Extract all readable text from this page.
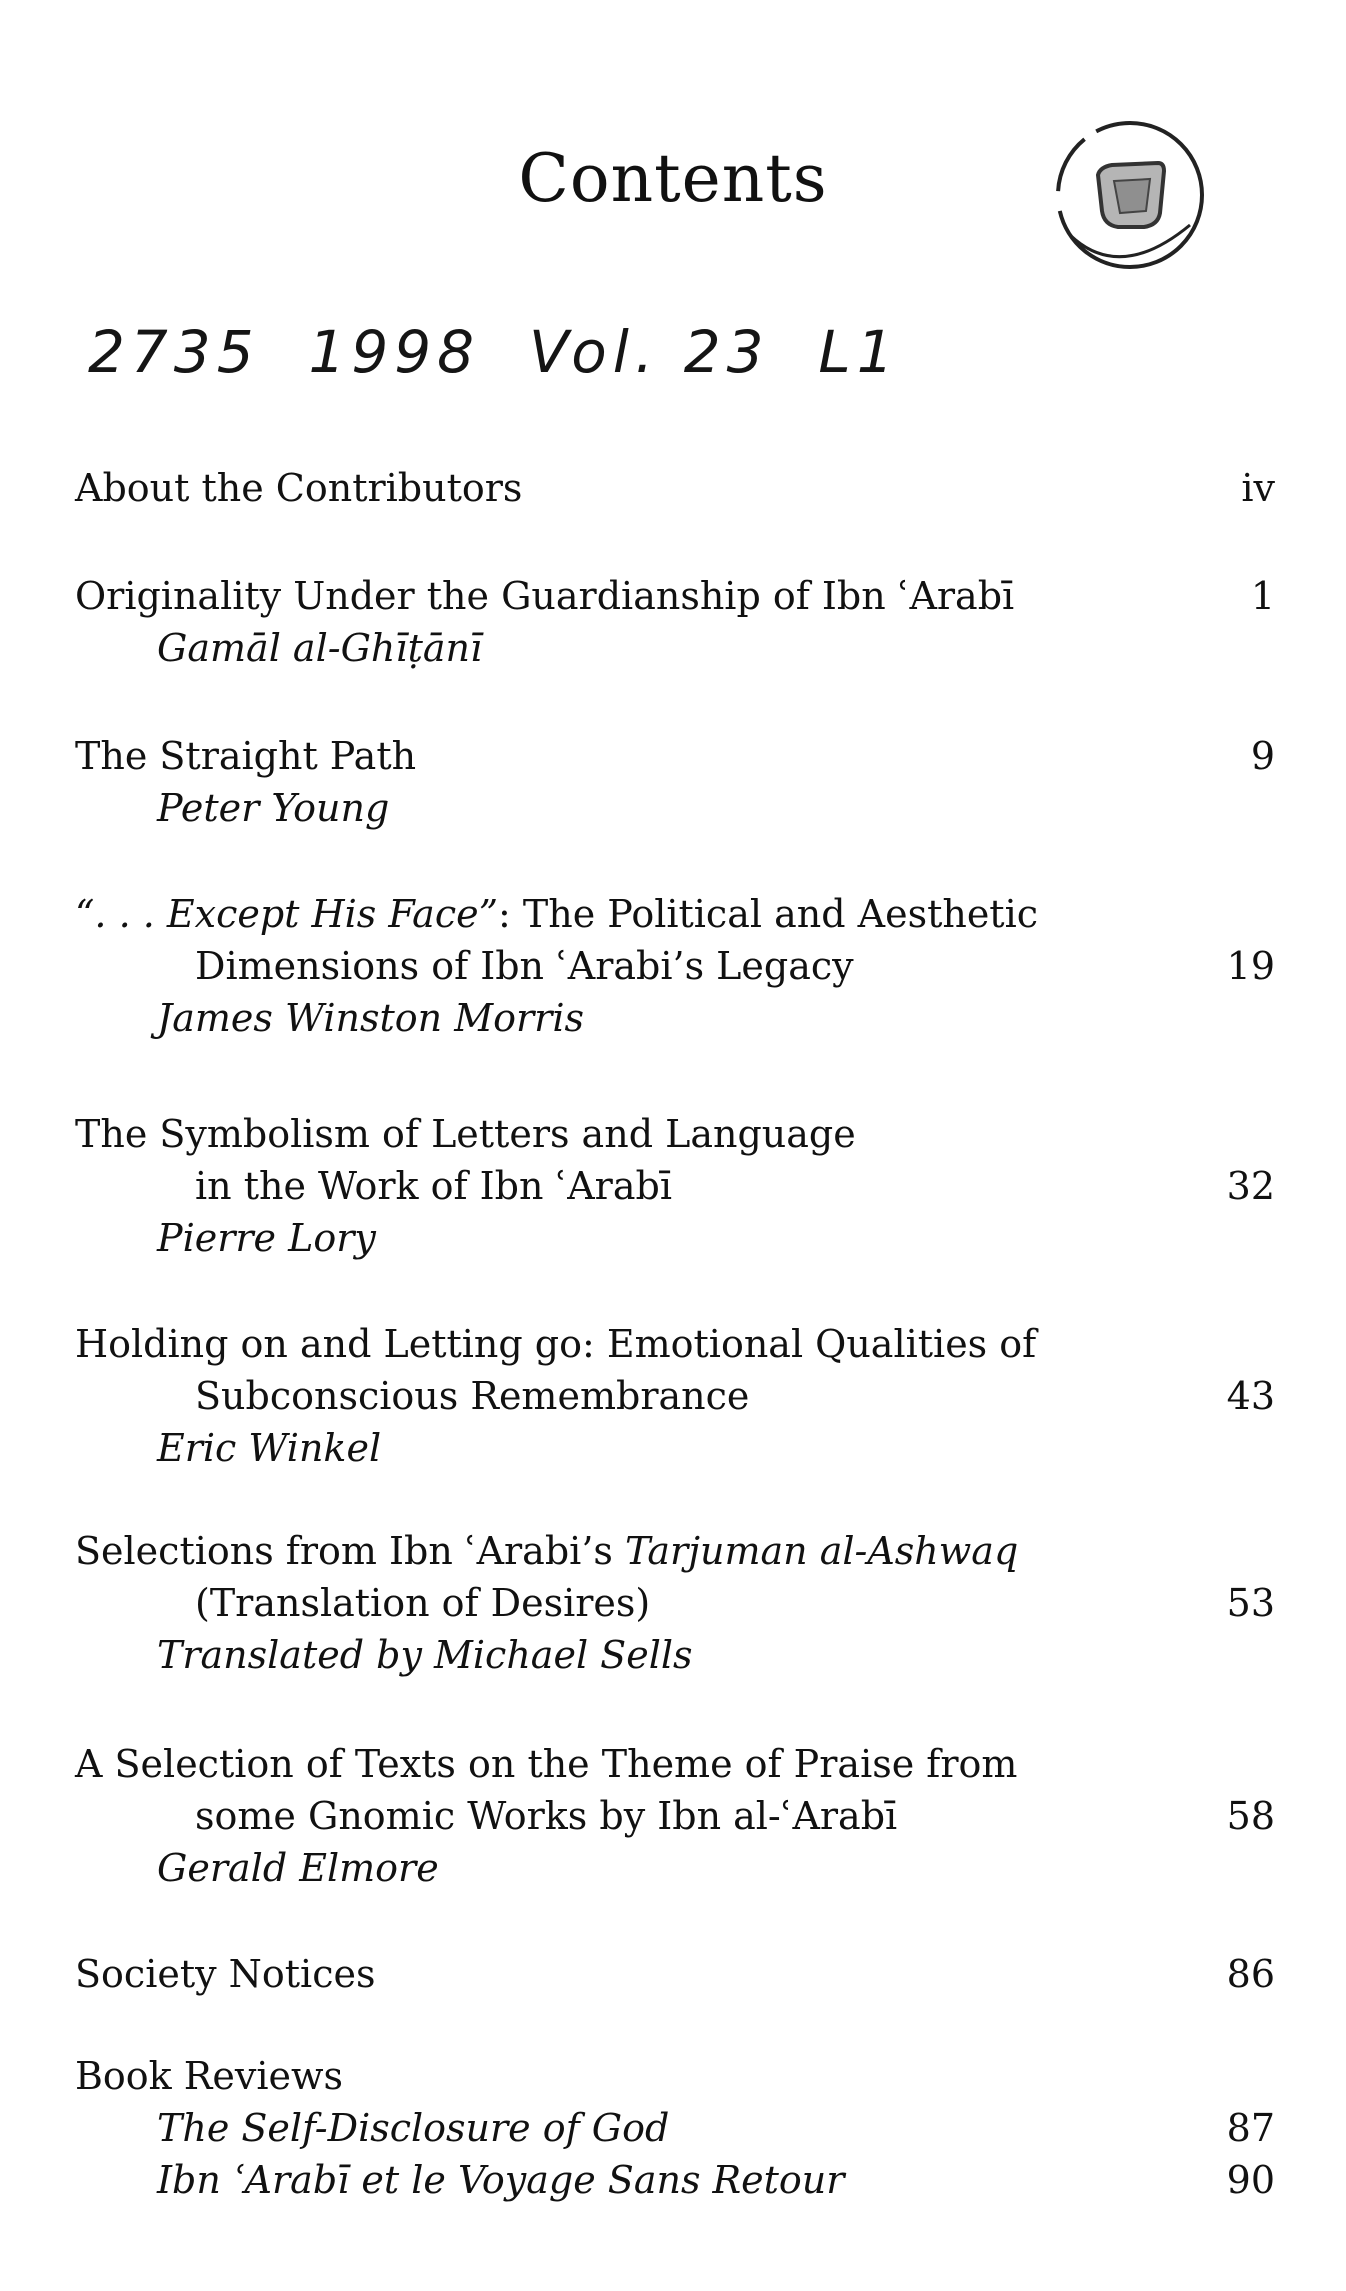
Contents
2735  1998  Vol. 23  L1
About the Contributors	iv
Originality Under the Guardianship of Ibn ʿArabī	1
Gamāl al-Ghīṭānī
The Straight Path	9
Peter Young
“. . . Except His Face”: The Political and Aesthetic
Dimensions of Ibn ʿArabi’s Legacy	19
James Winston Morris
The Symbolism of Letters and Language
in the Work of Ibn ʿArabī	32
Pierre Lory
Holding on and Letting go: Emotional Qualities of
Subconscious Remembrance	43
Eric Winkel
Selections from Ibn ʿArabi’s Tarjuman al-Ashwaq
(Translation of Desires)	53
Translated by Michael Sells
A Selection of Texts on the Theme of Praise from
some Gnomic Works by Ibn al-ʿArabī	58
Gerald Elmore
Society Notices	86
Book Reviews
The Self-Disclosure of God	87
Ibn ʿArabī et le Voyage Sans Retour	90
